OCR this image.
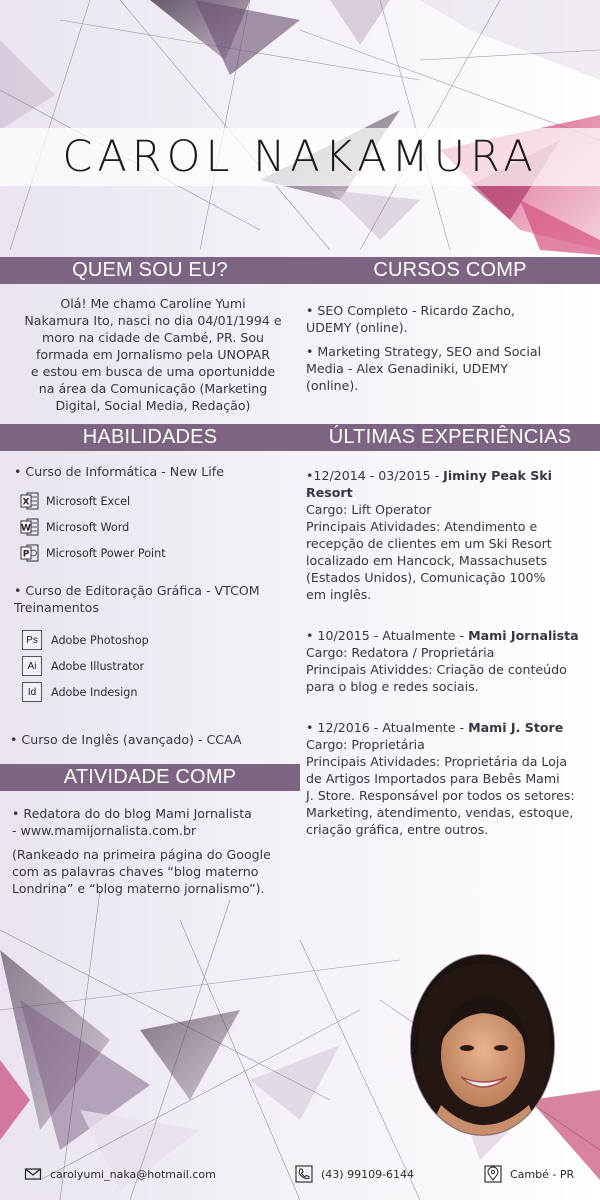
CAROL NAKAMURA
QUEM SOU EU?	CURSOS COMP
Olá! Me chamo Caroline Yumi
Nakamura Ito, nasci no dia 04/01/1994 e
moro na cidade de Cambé, PR. Sou
formada em Jornalismo pela UNOPAR
e estou em busca de uma oportunidde
na área da Comunicação (Marketing
Digital, Social Media, Redação)
• SEO Completo - Ricardo Zacho,
UDEMY (online).
• Marketing Strategy, SEO and Social
Media - Alex Genadiniki, UDEMY
(online).
HABILIDADES	ÚLTIMAS EXPERIÊNCIAS
• Curso de Informática - New Life
X Microsoft Excel
W Microsoft Word
P Microsoft Power Point
• Curso de Editoração Gráfica - VTCOM
Treinamentos
Ps	Adobe Photoshop
Ai	Adobe Illustrator
Id	Adobe Indesign
• Curso de Inglês (avançado) - CCAA
•12/2014 - 03/2015 - Jiminy Peak Ski
Resort
Cargo: Lift Operator
Principais Atividades: Atendimento e
recepção de clientes em um Ski Resort
localizado em Hancock, Massachusets
(Estados Unidos), Comunicação 100%
em inglês.
• 10/2015 - Atualmente - Mami Jornalista
Cargo: Redatora / Proprietária
Principais Atividdes: Criação de conteúdo
para o blog e redes sociais.
• 12/2016 - Atualmente - Mami J. Store
Cargo: Proprietária
Principais Atividades: Proprietária da Loja
de Artigos Importados para Bebês Mami
J. Store. Responsável por todos os setores:
Marketing, atendimento, vendas, estoque,
criação gráfica, entre outros.
ATIVIDADE COMP
• Redatora do do blog Mami Jornalista
- www.mamijornalista.com.br
(Rankeado na primeira página do Google
com as palavras chaves “blog materno
Londrina” e “blog materno jornalismo”).
carolyumi_naka@hotmail.com	(43) 99109-6144	Cambé - PR
